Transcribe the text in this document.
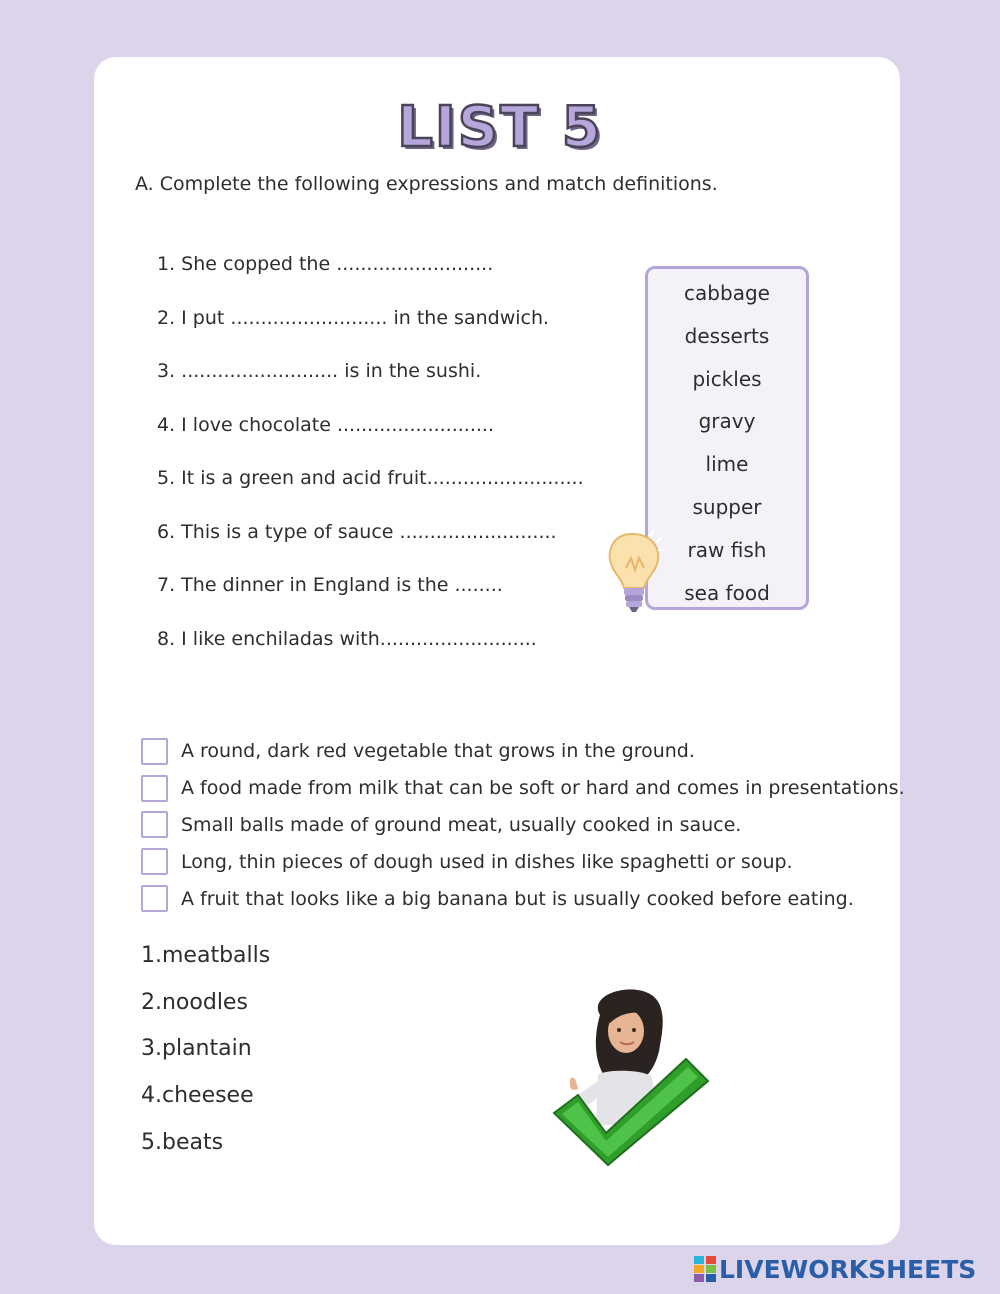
LIST 5
A. Complete the following expressions and match definitions.
1. She copped the ..........................
2. I put .......................... in the sandwich.
3. .......................... is in the sushi.
4. I love chocolate ..........................
5. It is a green and acid fruit..........................
6. This is a type of sauce ..........................
7. The dinner in England is the ........
8. I like enchiladas with..........................
cabbage
desserts
pickles
gravy
lime
supper
raw fish
sea food
A round, dark red vegetable that grows in the ground.
A food made from milk that can be soft or hard and comes in presentations.
Small balls made of ground meat, usually cooked in sauce.
Long, thin pieces of dough used in dishes like spaghetti or soup.
A fruit that looks like a big banana but is usually cooked before eating.
1.meatballs
2.noodles
3.plantain
4.cheesee
5.beats
LIVEWORKSHEETS
